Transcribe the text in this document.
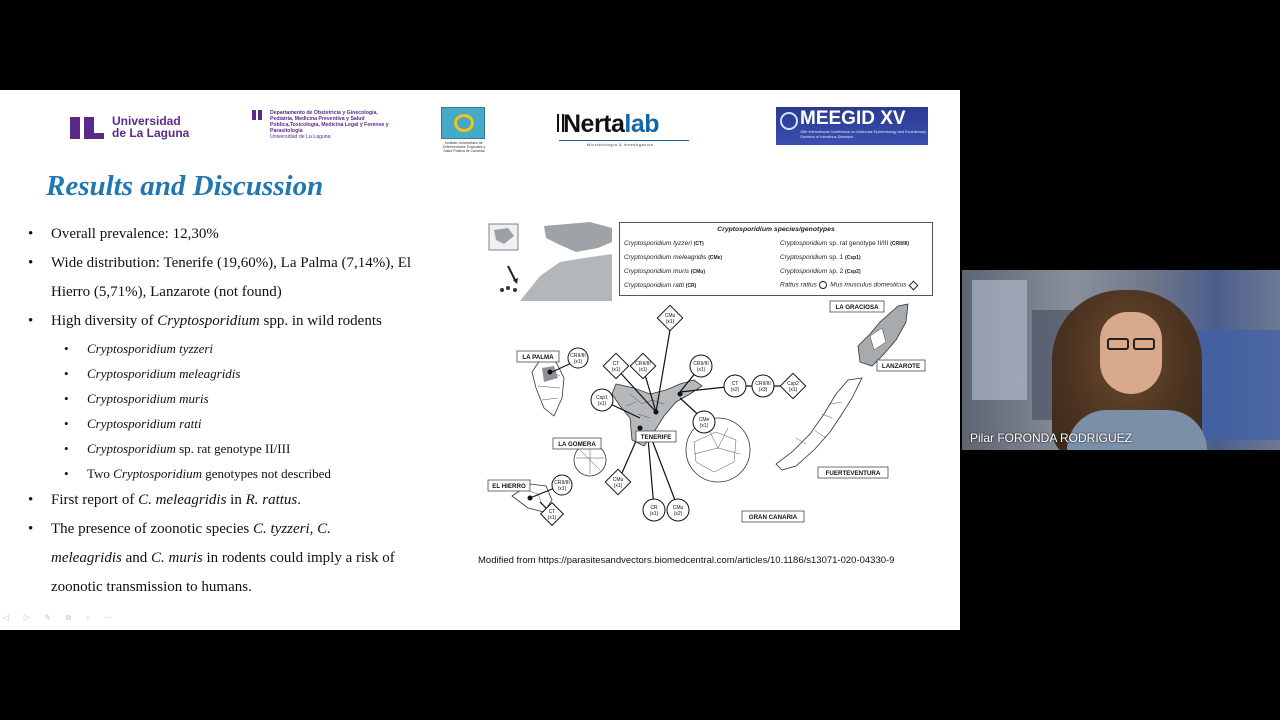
Universidad de La Laguna
Departamento de Obstetricia y Ginecología, Pediatría, Medicina Preventiva y Salud Pública,Toxicología, Medicina Legal y Forense y Parasitología
Universidad de La Laguna
Instituto Universitario de Enfermedades Tropicales y Salud Pública de Canarias
Nertalab
Microbiología & Investigación
MEEGID XV
15th International Conference on Molecular Epidemiology and Evolutionary Genetics of Infectious Diseases
Results and Discussion
• Overall prevalence: 12,30%
• Wide distribution: Tenerife (19,60%), La Palma (7,14%), El
Hierro (5,71%), Lanzarote (not found)
• High diversity of Cryptosporidium spp. in wild rodents
• Cryptosporidium tyzzeri
• Cryptosporidium meleagridis
• Cryptosporidium muris
• Cryptosporidium ratti
• Cryptosporidium sp. rat genotype II/III
• Two Cryptosporidium genotypes not described
• First report of C. meleagridis in R. rattus.
• The presence of zoonotic species C. tyzzeri, C.
meleagridis and C. muris in rodents could imply a risk of
zoonotic transmission to humans.
CMu
(x1)
CT
(x1)
CRII/III
(x1)
CRII/III
(x1)
CT
(x2)
CRII/III
(x3)
Csp2
(x1)
Csp1
(x1)
CMe
(x1)
CMu
(x1)
CR
(x1)
CMu
(x2)
CRII/III
(x1)
CRII/III
(x1)
CT
(x1)
LA GRACIOSA
LANZAROTE
LA PALMA
LA GOMERA
TENERIFE
EL HIERRO
FUERTEVENTURA
GRAN CANARIA
Cryptosporidium species/genotypes
Cryptosporidium tyzzeri (CT)
Cryptosporidium meleagridis (CMe)
Cryptosporidium muris (CMu)
Cryptosporidium ratti (CR)
Cryptosporidium sp. rat genotype II/III (CRII/III)
Cryptosporidium sp. 1 (Csp1)
Cryptosporidium sp. 2 (Csp2)
Rattus rattus Mus musculus domesticus
Modified from https://parasitesandvectors.biomedcentral.com/articles/10.1186/s13071-020-04330-9
◁ ▷ ✎ ⧉ ⌕ ⋯
Pilar FORONDA RODRIGUEZ
